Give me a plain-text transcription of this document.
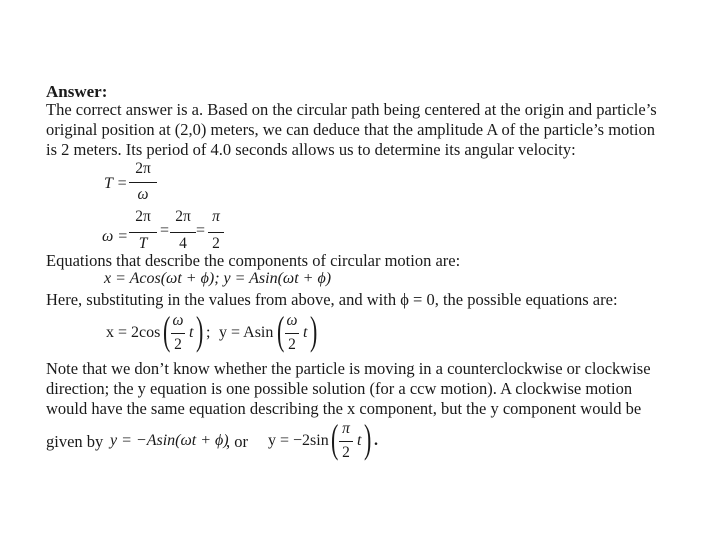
Answer:
The correct answer is a. Based on the circular path being centered at the origin and particle’s
original position at (2,0) meters, we can deduce that the amplitude A of the particle’s motion
is 2 meters. Its period of 4.0 seconds allows us to determine its angular velocity:
T =
2π
ω
ω =
2π
T
=
2π
4
=
π
2
Equations that describe the components of circular motion are:
x = Acos(ωt + ϕ); y = Asin(ωt + ϕ)
Here, substituting in the values from above, and with ϕ = 0, the possible equations are:
x = 2cos ( ω
2
t ) ; y = Asin ( ω
2
t )
Note that we don’t know whether the particle is moving in a counterclockwise or clockwise
direction; the y equation is one possible solution (for a ccw motion). A clockwise motion
would have the same equation describing the x component, but the y component would be
given by y = −Asin(ωt + ϕ)
, or y = −2sin ( π
2
t ) .
